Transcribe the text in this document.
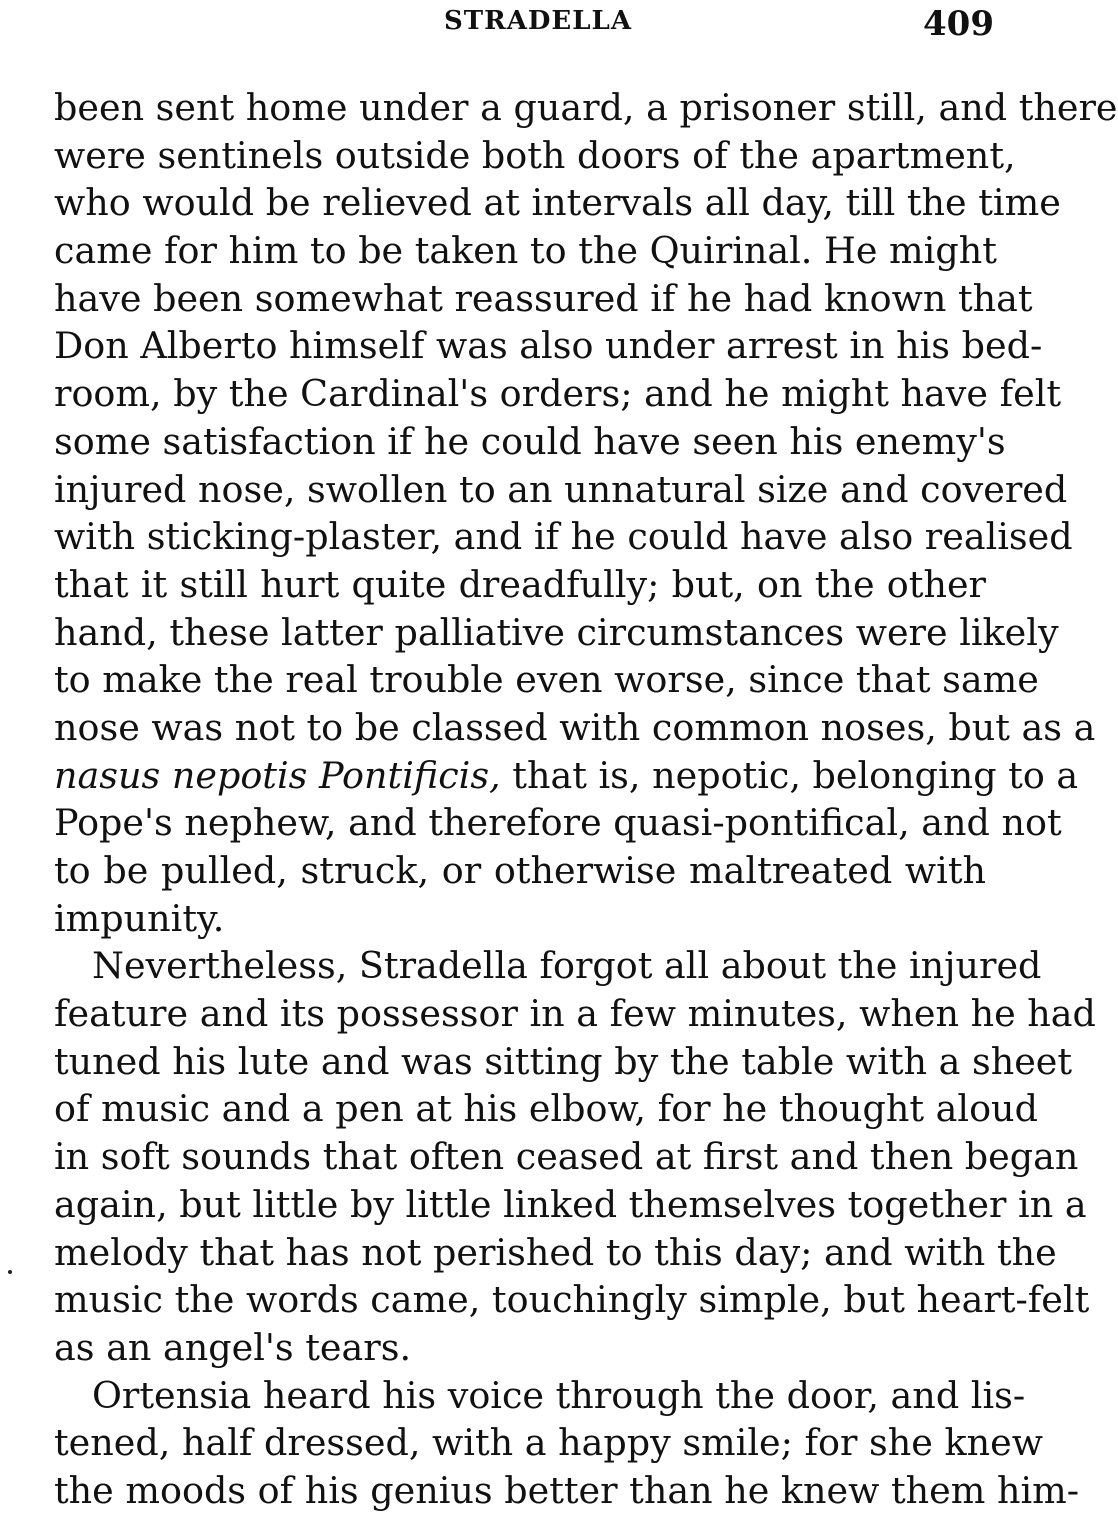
STRADELLA	409
been sent home under a guard, a prisoner still, and there
were sentinels outside both doors of the apartment,
who would be relieved at intervals all day, till the time
came for him to be taken to the Quirinal. He might
have been somewhat reassured if he had known that
Don Alberto himself was also under arrest in his bed-
room, by the Cardinal's orders; and he might have felt
some satisfaction if he could have seen his enemy's
injured nose, swollen to an unnatural size and covered
with sticking-plaster, and if he could have also realised
that it still hurt quite dreadfully; but, on the other
hand, these latter palliative circumstances were likely
to make the real trouble even worse, since that same
nose was not to be classed with common noses, but as a
nasus nepotis Pontificis, that is, nepotic, belonging to a
Pope's nephew, and therefore quasi-pontifical, and not
to be pulled, struck, or otherwise maltreated with
impunity.
Nevertheless, Stradella forgot all about the injured
feature and its possessor in a few minutes, when he had
tuned his lute and was sitting by the table with a sheet
of music and a pen at his elbow, for he thought aloud
in soft sounds that often ceased at first and then began
again, but little by little linked themselves together in a
melody that has not perished to this day; and with the
music the words came, touchingly simple, but heart-felt
as an angel's tears.
Ortensia heard his voice through the door, and lis-
tened, half dressed, with a happy smile; for she knew
the moods of his genius better than he knew them him-
